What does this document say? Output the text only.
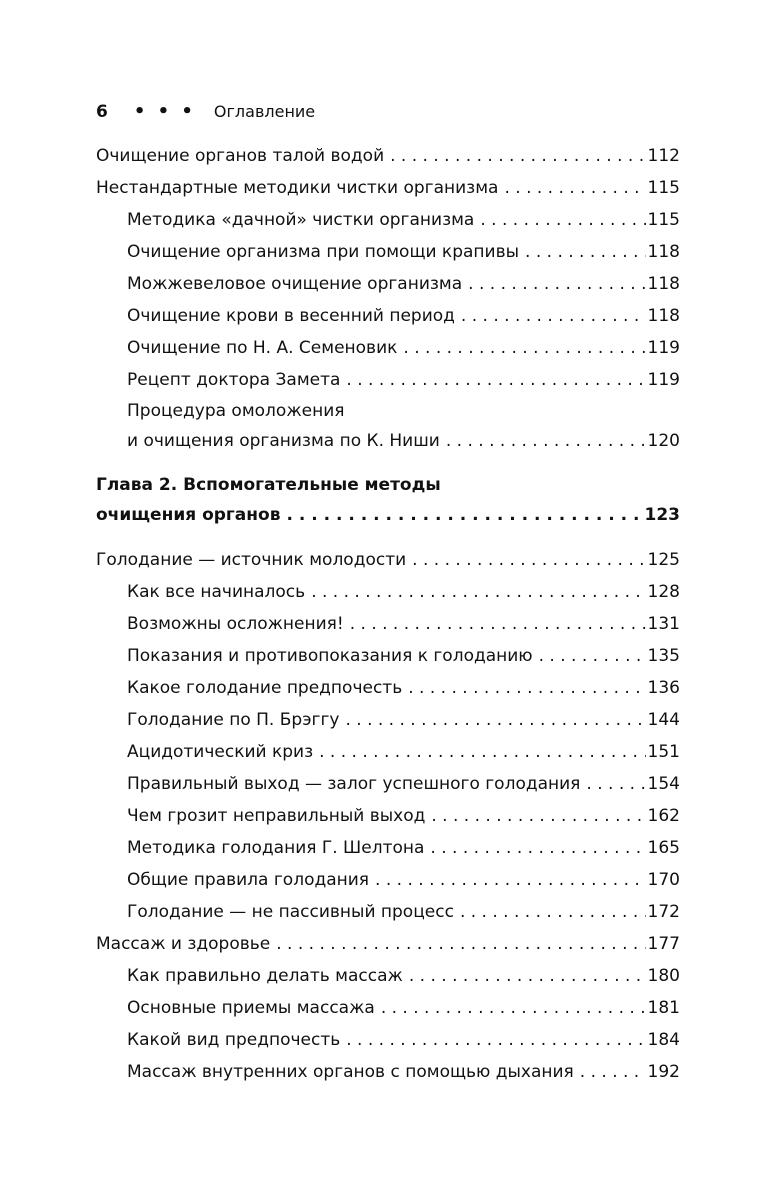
6 • • • Оглавление
Очищение органов талой водой . . .	112
Нестандартные методики чистки организма . . .	115
Методика «дачной» чистки организма . . .	115
Очищение организма при помощи крапивы . . .	118
Можжевеловое очищение организма . . .	118
Очищение крови в весенний период . . .	118
Очищение по Н. А. Семеновик . . .	119
Рецепт доктора Замета . . .	119
Процедура омоложения
и очищения организма по К. Ниши . . .	120
Глава 2. Вспомогательные методы
очищения органов . . .	123
Голодание — источник молодости . . .	125
Как все начиналось . . .	128
Возможны осложнения! . . .	131
Показания и противопоказания к голоданию . . .	135
Какое голодание предпочесть . . .	136
Голодание по П. Брэггу . . .	144
Ацидотический криз . . .	151
Правильный выход — залог успешного голодания . . .	154
Чем грозит неправильный выход . . .	162
Методика голодания Г. Шелтона . . .	165
Общие правила голодания . . .	170
Голодание — не пассивный процесс . . .	172
Массаж и здоровье . . .	177
Как правильно делать массаж . . .	180
Основные приемы массажа . . .	181
Какой вид предпочесть . . .	184
Массаж внутренних органов с помощью дыхания . . .	192
